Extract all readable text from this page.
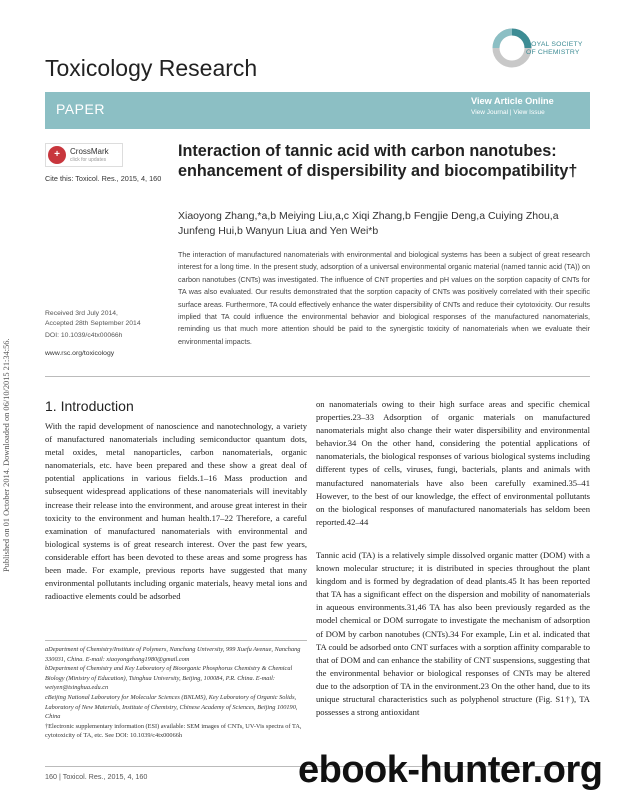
Published on 01 October 2014. Downloaded on 06/10/2015 21:34:56.
Toxicology Research
ROYAL SOCIETY
OF CHEMISTRY
PAPER	View Article Online
View Journal | View Issue
+ CrossMark
click for updates
Cite this: Toxicol. Res., 2015, 4, 160
Interaction of tannic acid with carbon nanotubes: enhancement of dispersibility and biocompatibility†
Xiaoyong Zhang,*a,b Meiying Liu,a,c Xiqi Zhang,b Fengjie Deng,a Cuiying Zhou,a Junfeng Hui,b Wanyun Liua and Yen Wei*b
The interaction of manufactured nanomaterials with environmental and biological systems has been a subject of great research interest for a long time. In the present study, adsorption of a universal environmental organic material (named tannic acid (TA)) on carbon nanotubes (CNTs) was investigated. The influence of CNT properties and pH values on the sorption capacity of CNTs for TA was also evaluated. Our results demonstrated that the sorption capacity of CNTs was positively correlated with their specific surface areas. Furthermore, TA could effectively enhance the water dispersibility of CNTs and reduce their cytotoxicity. Our results implied that TA could influence the environmental behavior and biological responses of the manufactured nanomaterials, reminding us that much more attention should be paid to the synergistic toxicity of nanomaterials when we evaluate their environmental impacts.
Received 3rd July 2014,
Accepted 28th September 2014
DOI: 10.1039/c4tx00066h
www.rsc.org/toxicology
1. Introduction
With the rapid development of nanoscience and nanotechnology, a variety of manufactured nanomaterials including semiconductor quantum dots, metal oxides, metal nanoparticles, carbon nanomaterials, organic nanomaterials, etc. have been prepared and these show a great deal of potential applications in various fields.1–16 Mass production and subsequent widespread applications of these nanomaterials will inevitably increase their release into the environment, and arouse great interest in their toxicity to the environment and human health.17–22 Therefore, a careful examination of manufactured nanomaterials with environmental and biological systems is of great research interest. Over the past few years, considerable effort has been devoted to these areas and some progress has been made. For example, previous reports have suggested that many environmental pollutants including organic materials, heavy metal ions and radioactive elements could be adsorbed
on nanomaterials owing to their high surface areas and specific chemical properties.23–33 Adsorption of organic materials on manufactured nanomaterials might also change their water dispersibility and environmental behavior.34 On the other hand, considering the potential applications of nanomaterials, the biological responses of various biological systems including different types of cells, viruses, fungi, bacterials, plants and animals with manufactured nanomaterials have also been carefully examined.35–41 However, to the best of our knowledge, the effect of environmental pollutants on the biological responses of manufactured nanomaterials has seldom been reported.42–44
Tannic acid (TA) is a relatively simple dissolved organic matter (DOM) with a known molecular structure; it is distributed in species throughout the plant kingdom and is formed by degradation of dead plants.45 It has been reported that TA has a significant effect on the dispersion and mobility of nanomaterials in aqueous environments.31,46 TA has also been previously regarded as the model chemical or DOM surrogate to investigate the mechanism of adsorption of DOM by carbon nanotubes (CNTs).34 For example, Lin et al. indicated that TA could be adsorbed onto CNT surfaces with a sorption affinity comparable to that of DOM and can enhance the stability of CNT suspensions, suggesting that the environmental behavior or biological responses of CNTs may be altered due to the adsorption of TA in the environment.23 On the other hand, due to its unique structural characteristics such as polyphenol structure (Fig. S1†), TA possesses a strong antioxidant

aDepartment of Chemistry/Institute of Polymers, Nanchang University, 999 Xuefu Avenue, Nanchang 330031, China. E-mail: xiaoyongzhang1980@gmail.com

bDepartment of Chemistry and Key Laboratory of Bioorganic Phosphorus Chemistry & Chemical Biology (Ministry of Education), Tsinghua University, Beijing, 100084, P.R. China. E-mail: weiyen@tsinghua.edu.cn

cBeijing National Laboratory for Molecular Sciences (BNLMS), Key Laboratory of Organic Solids, Laboratory of New Materials, Institute of Chemistry, Chinese Academy of Sciences, Beijing 100190, China

†Electronic supplementary information (ESI) available: SEM images of CNTs, UV-Vis spectra of TA, cytotoxicity of TA, etc. See DOI: 10.1039/c4tx00066h

160 | Toxicol. Res., 2015, 4, 160	ebook-hunter.org
